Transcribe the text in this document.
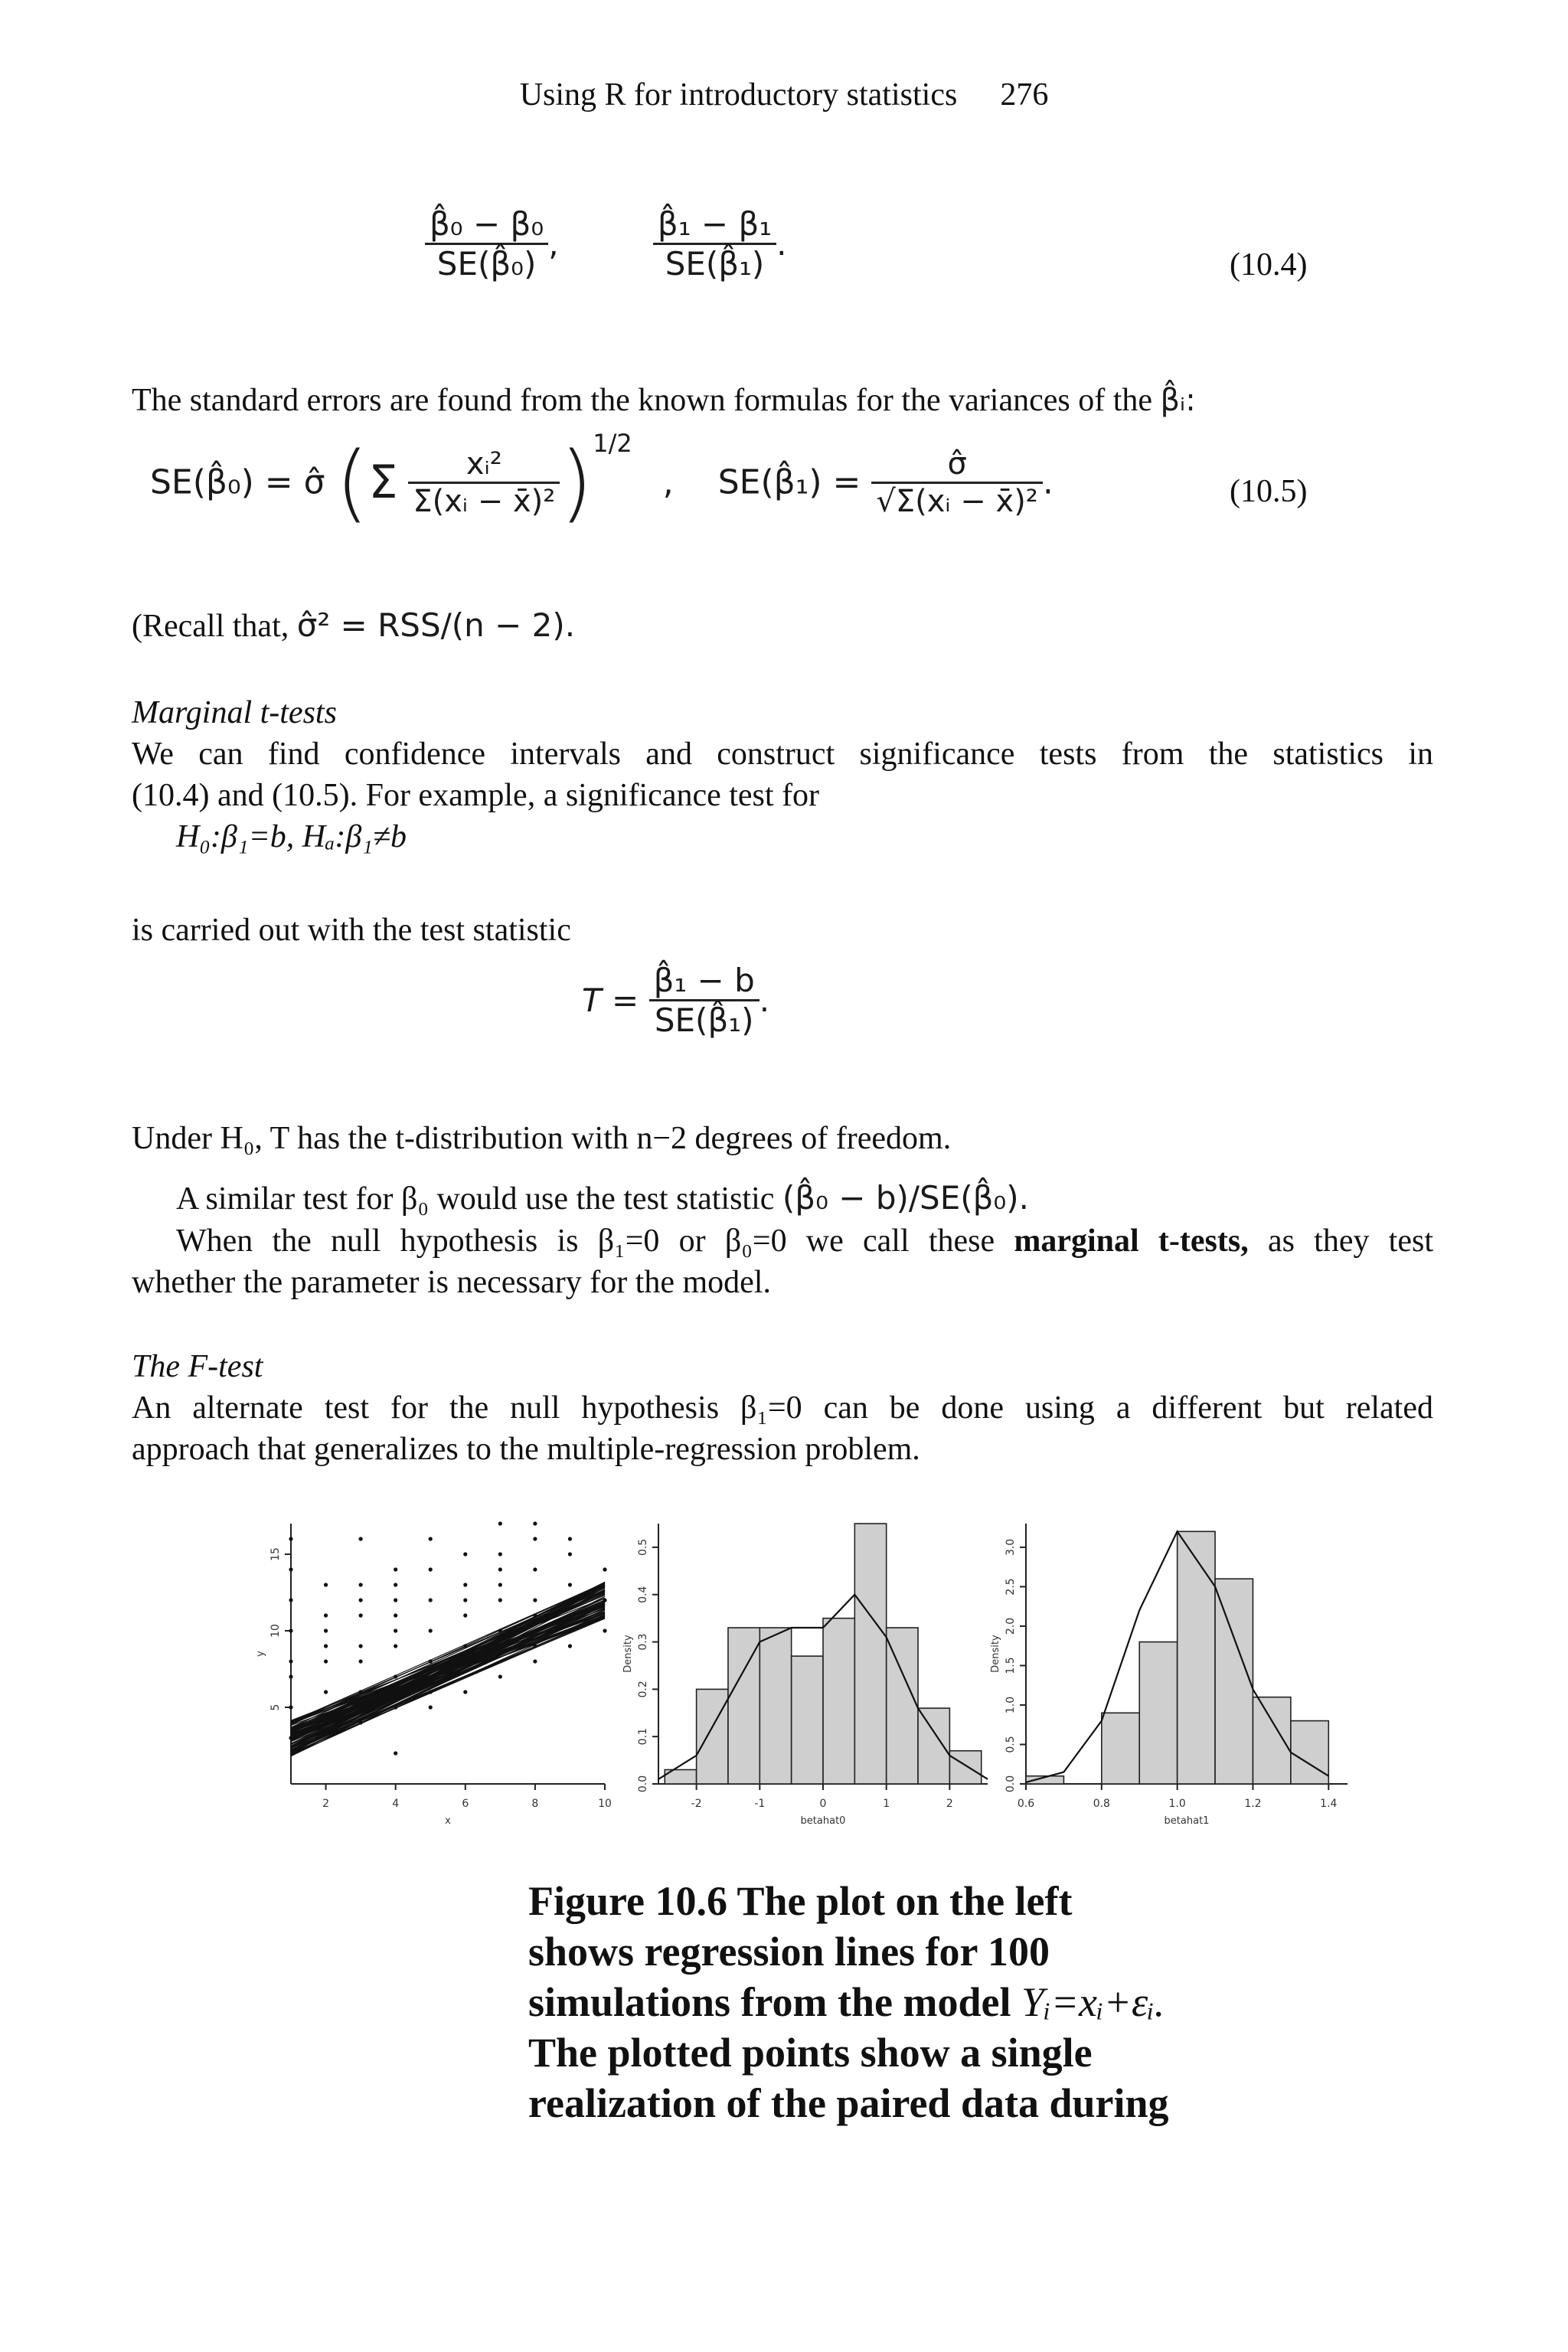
Using R for introductory statistics 276
$\frac{\text{β̂₀ − β₀}}{\text{SE(β̂₀)}}$ ,	$\frac{\text{β̂₁ − β₁}}{\text{SE(β̂₁)}}$ .
(10.4)
The standard errors are found from the known formulas for the variances of the β̂ᵢ:
SE(β̂₀) = σ̂ $(\Sigma \frac{\text{xᵢ²}}{\text{Σ(xᵢ − x̄)²}} )^{1/2}$, SE(β̂₁) = $\frac{\sigmâ}{\text{√Σ(xᵢ − x̄)²}}$ .	(10.5)
(Recall that, σ̂² = RSS/(n − 2).
Marginal t-tests
We can find confidence intervals and construct significance tests from the statistics in
(10.4) and (10.5). For example, a significance test for
H₀:β₁=b, Hₐ:β₁≠b
is carried out with the test statistic
$T = \frac{\text{β̂₁ − b}}{\text{SE(β̂₁)}}$ .
Under H₀, T has the t-distribution with n−2 degrees of freedom.
A similar test for β₀ would use the test statistic (β̂₀ − b)/SE(β̂₀).
When the null hypothesis is β₁=0 or β₀=0 we call these marginal t-tests, as they test
whether the parameter is necessary for the model.
The F-test
An alternate test for the null hypothesis β₁=0 can be done using a different but related
approach that generalizes to the multiple-regression problem.
2	4	6	8	10
5
10
15
x
y
-2	-1	0	1	2
0.0
0.1
0.2
0.3
0.4
0.5
betahat0
Density
0.6	0.8	1.0	1.2	1.4
0.0
0.5
1.0
1.5
2.0
2.5
3.0
betahat1
Density
Figure 10.6 The plot on the left
shows regression lines for 100
simulations from the model Yᵢ=xᵢ+εᵢ.
The plotted points show a single
realization of the paired data during
